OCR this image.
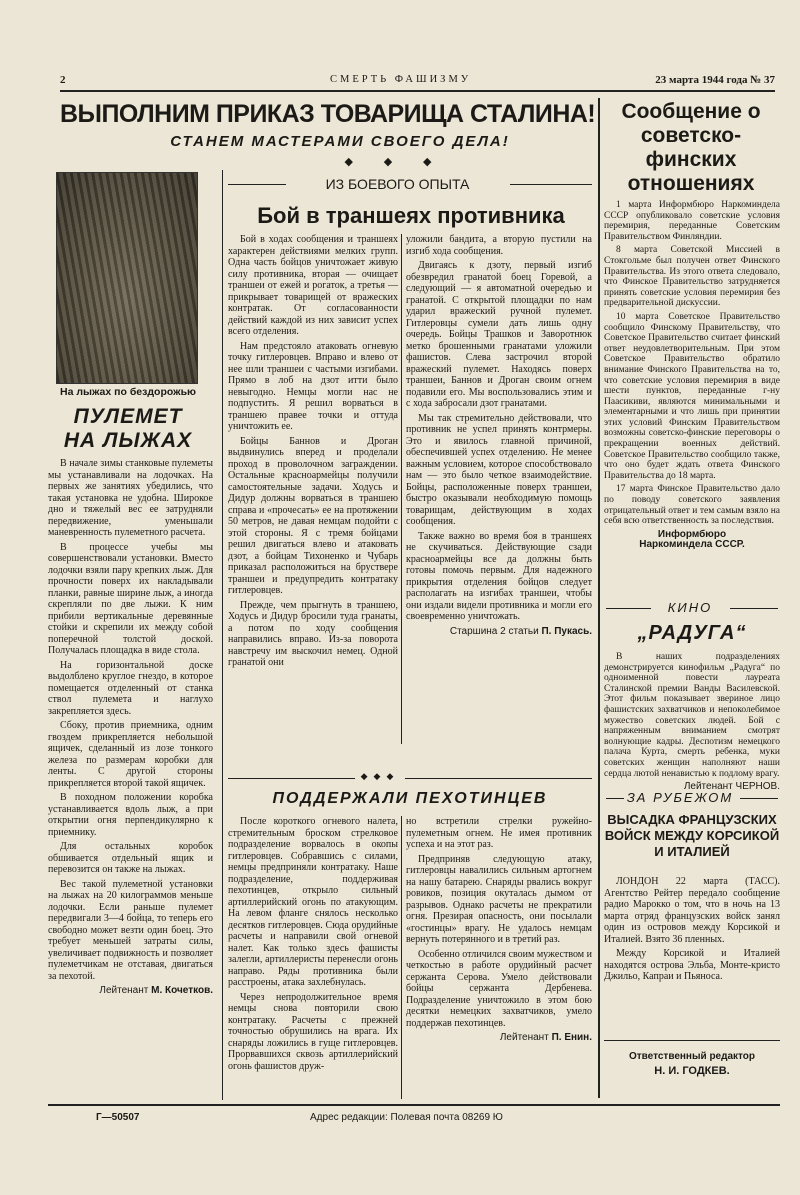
2	СМЕРТЬ ФАШИЗМУ	23 марта 1944 года № 37
ВЫПОЛНИМ ПРИКАЗ ТОВАРИЩА СТАЛИНА!
СТАНЕМ МАСТЕРАМИ СВОЕГО ДЕЛА!
◆ ◆ ◆
На лыжах по бездорожью
ПУЛЕМЕТ
НА ЛЫЖАХ

В начале зимы станковые пулеметы мы устанавливали на лодочках. На первых же занятиях убедились, что такая установка не удобна. Широкое дно и тяжелый вес ее затрудняли передвижение, уменьшали маневренность пулеметного расчета.

В процессе учебы мы совершенствовали установки. Вместо лодочки взяли пару крепких лыж. Для прочности поверх их накладывали планки, равные ширине лыж, а иногда скрепляли по две лыжи. К ним прибили вертикальные деревянные стойки и скрепили их между собой поперечной толстой доской. Получалась площадка в виде стола.

На горизонтальной доске выдолблено круглое гнездо, в которое помещается отделенный от станка ствол пулемета и наглухо закрепляется здесь.

Сбоку, против приемника, одним гвоздем прикрепляется небольшой ящичек, сделанный из лозе тонкого железа по размерам коробки для ленты. С другой стороны прикрепляется второй такой ящичек.

В походном положении коробка устанавливается вдоль лыж, а при открытии огня перпендикулярно к приемнику.

Для остальных коробок обшивается отдельный ящик и перевозится он также на лыжах.

Вес такой пулеметной установки на лыжах на 20 килограммов меньше лодочки. Если раньше пулемет передвигали 3—4 бойца, то теперь его свободно может везти один боец. Это требует меньшей затраты силы, увеличивает подвижность и позволяет пулеметчикам не отставая, двигаться за пехотой.

Лейтенант М. Кочетков.
ИЗ БОЕВОГО ОПЫТА
Бой в траншеях противника

Бой в ходах сообщения и траншеях характерен действиями мелких групп. Одна часть бойцов уничтожает живую силу противника, вторая — очищает траншеи от ежей и рогаток, а третья — прикрывает товарищей от вражеских контратак. От согласованности действий каждой из них зависит успех всего отделения.

Нам предстояло атаковать огневую точку гитлеровцев. Вправо и влево от нее шли траншеи с частыми изгибами. Прямо в лоб на дзот итти было невыгодно. Немцы могли нас не подпустить. Я решил ворваться в траншею правее точки и оттуда уничтожить ее.

Бойцы Баннов и Дроган выдвинулись вперед и проделали проход в проволочном заграждении. Остальные красноармейцы получили самостоятельные задачи. Ходусь и Дидур должны ворваться в траншею справа и «прочесать» ее на протяжении 50 метров, не давая немцам подойти с этой стороны. Я с тремя бойцами решил двигаться влево и атаковать дзот, а бойцам Тихоненко и Чубарь приказал расположиться на бруствере траншеи и предупредить контратаку гитлеровцев.

Прежде, чем прыгнуть в траншею, Ходусь и Дидур бросили туда гранаты, а потом по ходу сообщения направились вправо. Из-за поворота навстречу им выскочил немец. Одной гранатой они

уложили бандита, а вторую пустили на изгиб хода сообщения.

Двигаясь к дзоту, первый изгиб обезвредил гранатой боец Горевой, а следующий — я автоматной очередью и гранатой. С открытой площадки по нам ударил вражеский ручной пулемет. Гитлеровцы сумели дать лишь одну очередь. Бойцы Трашков и Заворотнюк метко брошенными гранатами уложили фашистов. Слева застрочил второй вражеский пулемет. Находясь поверх траншеи, Баннов и Дроган своим огнем подавили его. Мы воспользовались этим и с хода забросали дзот гранатами.

Мы так стремительно действовали, что противник не успел принять контрмеры. Это и явилось главной причиной, обеспечившей успех отделению. Не менее важным условием, которое способствовало нам — это было четкое взаимодействие. Бойцы, расположенные поверх траншеи, быстро оказывали необходимую помощь товарищам, действующим в ходах сообщения.

Также важно во время боя в траншеях не скучиваться. Действующие сзади красноармейцы все да должны быть готовы помочь первым. Для надежного прикрытия отделения бойцов следует располагать на изгибах траншеи, чтобы они издали видели противника и могли его своевременно уничтожать.

Старшина 2 статьи П. Пукась.
◆◆◆
ПОДДЕРЖАЛИ ПЕХОТИНЦЕВ

После короткого огневого налета, стремительным броском стрелковое подразделение ворвалось в окопы гитлеровцев. Собравшись с силами, немцы предприняли контратаку. Наше подразделение, поддерживая пехотинцев, открыло сильный артиллерийский огонь по атакующим. На левом фланге снялось несколько десятков гитлеровцев. Сюда орудийные расчеты и направили свой огневой налет. Как только здесь фашисты залегли, артиллеристы перенесли огонь направо. Ряды противника были расстроены, атака захлебнулась.

Через непродолжительное время немцы снова повторили свою контратаку. Расчеты с прежней точностью обрушились на врага. Их снаряды ложились в гуще гитлеровцев. Прорвавшихся сквозь артиллерийский огонь фашистов друж-

но встретили стрелки ружейно-пулеметным огнем. Не имея противник успеха и на этот раз.

Предприняв следующую атаку, гитлеровцы навалились сильным артогнем на нашу батарею. Снаряды рвались вокруг ровиков, позиция окуталась дымом от разрывов. Однако расчеты не прекратили огня. Презирая опасность, они посылали «гостинцы» врагу. Не удалось немцам вернуть потерянного и в третий раз.

Особенно отличился своим мужеством и четкостью в работе орудийный расчет сержанта Серова. Умело действовали бойцы сержанта Дербенева. Подразделение уничтожило в этом бою десятки немецких захватчиков, умело поддержав пехотинцев.

Лейтенант П. Енин.
Сообщение о советско-финских отношениях

1 марта Информбюро Наркоминдела СССР опубликовало советские условия перемирия, переданные Советским Правительством Финляндии.

8 марта Советской Миссией в Стокгольме был получен ответ Финского Правительства. Из этого ответа следовало, что Финское Правительство затрудняется принять советские условия перемирия без предварительной дискуссии.

10 марта Советское Правительство сообщило Финскому Правительству, что Советское Правительство считает финский ответ неудовлетворительным. При этом Советское Правительство обратило внимание Финского Правительства на то, что советские условия перемирия в виде шести пунктов, переданные г-ну Паасикиви, являются минимальными и элементарными и что лишь при принятии этих условий Финским Правительством возможны советско-финские переговоры о прекращении военных действий. Советское Правительство сообщило также, что оно будет ждать ответа Финского Правительства до 18 марта.

17 марта Финское Правительство дало по поводу советского заявления отрицательный ответ и тем самым взяло на себя всю ответственность за последствия.

Информбюро
Наркоминдела СССР.
КИНО
„РАДУГА“

В наших подразделениях демонстрируется кинофильм „Радуга“ по одноименной повести лауреата Сталинской премии Ванды Василевской. Этот фильм показывает звериное лицо фашистских захватчиков и непоколебимое мужество советских людей. Бой с напряженным вниманием смотрят волнующие кадры. Деспотизм немецкого палача Курта, смерть ребенка, муки советских женщин наполняют наши сердца лютой ненавистью к подлому врагу.

Лейтенант ЧЕРНОВ.
ЗА РУБЕЖОМ
ВЫСАДКА ФРАНЦУЗСКИХ ВОЙСК МЕЖДУ КОРСИКОЙ И ИТАЛИЕЙ

ЛОНДОН 22 марта (ТАСС). Агентство Рейтер передало сообщение радио Марокко о том, что в ночь на 13 марта отряд французских войск занял один из островов между Корсикой и Италией. Взято 36 пленных.

Между Корсикой и Италией находятся острова Эльба, Монте-кристо Джильо, Капраи и Пьяноса.

Ответственный редактор
Н. И. ГОДКЕВ.
Г—50507	Адрес редакции: Полевая почта 08269 Ю
